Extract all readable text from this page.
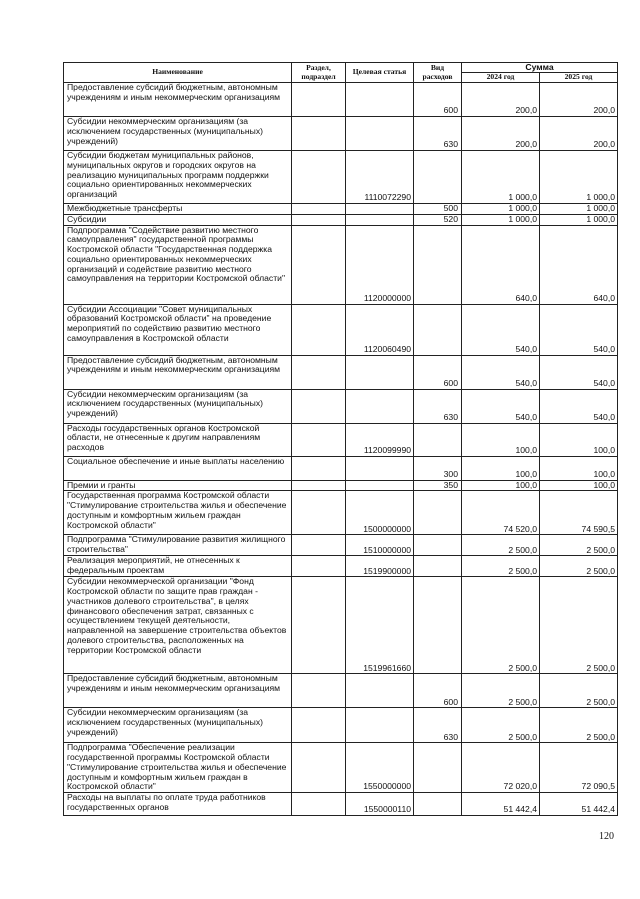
Наименование	Раздел, подраздел	Целевая статья	Вид расходов	Сумма	
				2024 год	2025 год
Предоставление субсидий бюджетным, автономным учреждениям и иным некоммерческим организациям			600	200,0	200,0
Субсидии некоммерческим организациям (за исключением государственных (муниципальных) учреждений)			630	200,0	200,0
Субсидии бюджетам муниципальных районов, муниципальных округов и городских округов на реализацию муниципальных программ поддержки социально ориентированных некоммерческих организаций		1110072290		1 000,0	1 000,0
Межбюджетные трансферты			500	1 000,0	1 000,0
Субсидии			520	1 000,0	1 000,0
Подпрограмма "Содействие развитию местного самоуправления" государственной программы Костромской области "Государственная поддержка социально ориентированных некоммерческих организаций и содействие развитию местного самоуправления на территории Костромской области"		1120000000		640,0	640,0
Субсидии Ассоциации "Совет муниципальных образований Костромской области" на проведение мероприятий по содействию развитию местного самоуправления в Костромской области		1120060490		540,0	540,0
Предоставление субсидий бюджетным, автономным учреждениям и иным некоммерческим организациям			600	540,0	540,0
Субсидии некоммерческим организациям (за исключением государственных (муниципальных) учреждений)			630	540,0	540,0
Расходы государственных органов Костромской области, не отнесенные к другим направлениям расходов		1120099990		100,0	100,0
Социальное обеспечение и иные выплаты населению			300	100,0	100,0
Премии и гранты			350	100,0	100,0
Государственная программа Костромской области "Стимулирование строительства жилья и обеспечение доступным и комфортным жильем граждан Костромской области"		1500000000		74 520,0	74 590,5
Подпрограмма "Стимулирование развития жилищного строительства"		1510000000		2 500,0	2 500,0
Реализация мероприятий, не отнесенных к федеральным проектам		1519900000		2 500,0	2 500,0
Субсидии некоммерческой организации "Фонд Костромской области по защите прав граждан - участников долевого строительства", в целях финансового обеспечения затрат, связанных с осуществлением текущей деятельности, направленной на завершение строительства объектов долевого строительства, расположенных на территории Костромской области		1519961660		2 500,0	2 500,0
Предоставление субсидий бюджетным, автономным учреждениям и иным некоммерческим организациям			600	2 500,0	2 500,0
Субсидии некоммерческим организациям (за исключением государственных (муниципальных) учреждений)			630	2 500,0	2 500,0
Подпрограмма "Обеспечение реализации государственной программы Костромской области "Стимулирование строительства жилья и обеспечение доступным и комфортным жильем граждан в Костромской области"		1550000000		72 020,0	72 090,5
Расходы на выплаты по оплате труда работников государственных органов		1550000110		51 442,4	51 442,4
120
